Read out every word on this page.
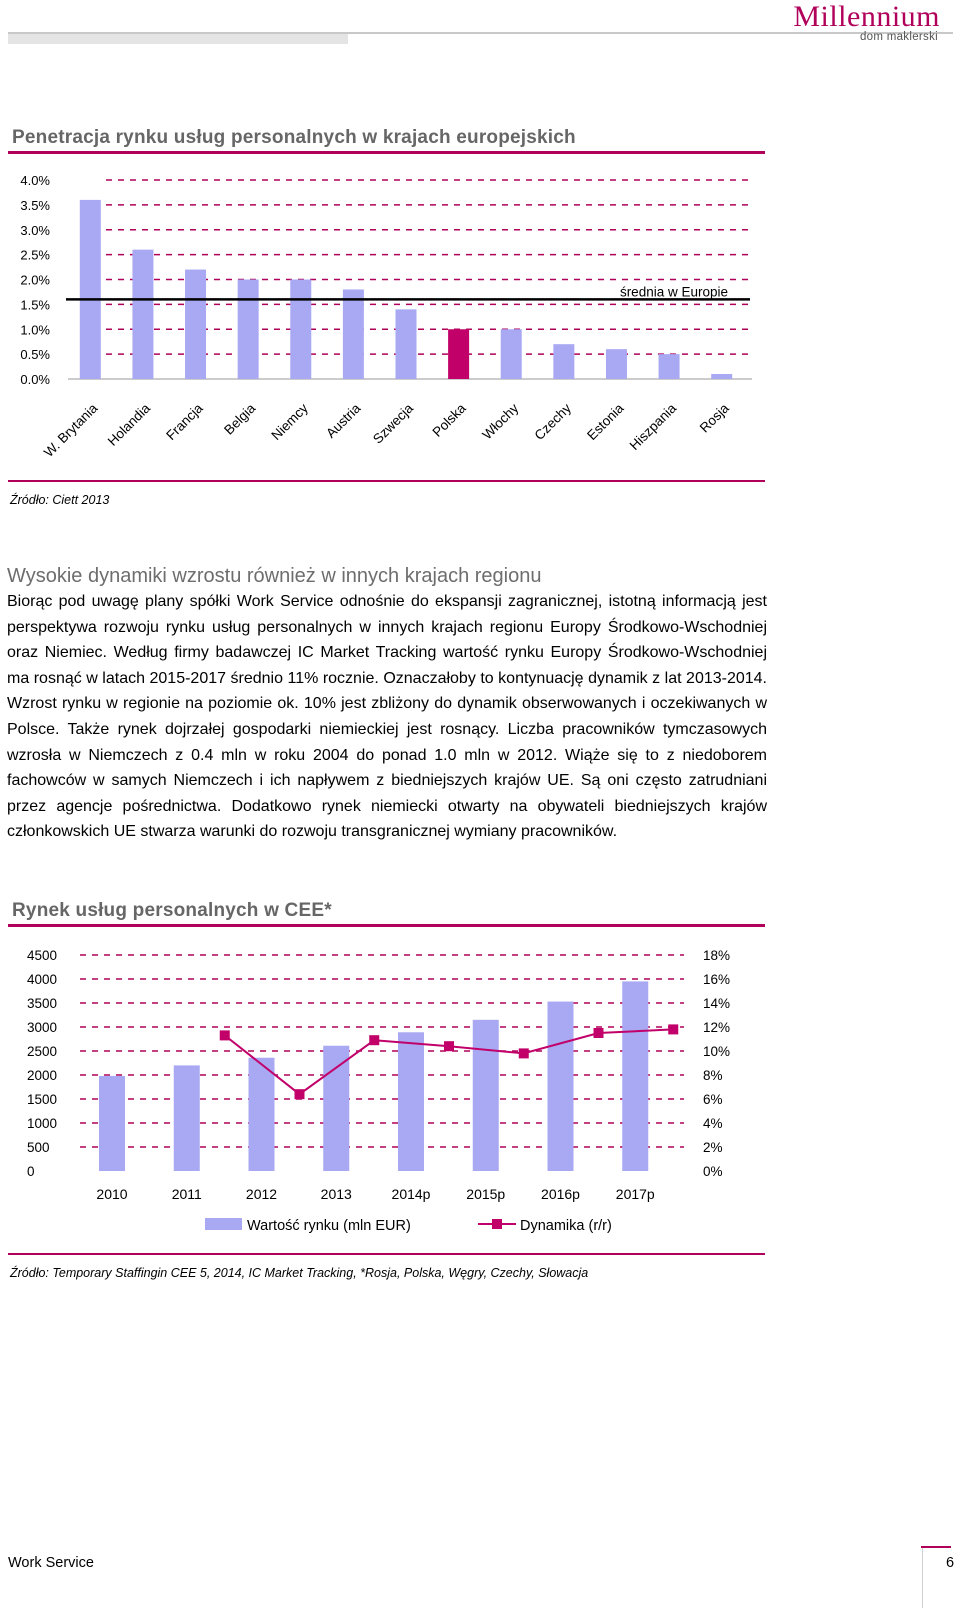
Millennium
dom maklerski
Penetracja rynku usług personalnych w krajach europejskich
0.0%
0.5%
1.0%
1.5%
2.0%
2.5%
3.0%
3.5%
4.0%
W. Brytania Holandia Francja Belgia Niemcy Austria Szwecja Polska Włochy Czechy Estonia Hiszpania Rosja
średnia w Europie
Źródło: Ciett 2013
Wysokie dynamiki wzrostu również w innych krajach regionu
Biorąc pod uwagę plany spółki Work Service odnośnie do ekspansji zagranicznej, istotną informacją jest perspektywa rozwoju rynku usług personalnych w innych krajach regionu Europy Środkowo-Wschodniej oraz Niemiec. Według firmy badawczej IC Market Tracking wartość rynku Europy Środkowo-Wschodniej ma rosnąć w latach 2015-2017 średnio 11% rocznie. Oznaczałoby to kontynuację dynamik z lat 2013-2014. Wzrost rynku w regionie na poziomie ok. 10% jest zbliżony do dynamik obserwowanych i oczekiwanych w Polsce. Także rynek dojrzałej gospodarki niemieckiej jest rosnący. Liczba pracowników tymczasowych wzrosła w Niemczech z 0.4 mln w roku 2004 do ponad 1.0 mln w 2012. Wiąże się to z niedoborem fachowców w samych Niemczech i ich napływem z biedniejszych krajów UE. Są oni często zatrudniani przez agencje pośrednictwa. Dodatkowo rynek niemiecki otwarty na obywateli biedniejszych krajów członkowskich UE stwarza warunki do rozwoju transgranicznej wymiany pracowników.
Rynek usług personalnych w CEE*
0	0%
500	2%
1000	4%
1500	6%
2000	8%
2500	10%
3000	12%
3500	14%
4000	16%
4500	18%
2010	2011	2012	2013	2014p	2015p	2016p	2017p
Wartość rynku (mln EUR)	Dynamika (r/r)
Źródło: Temporary Staffingin CEE 5, 2014, IC Market Tracking, *Rosja, Polska, Węgry, Czechy, Słowacja
Work Service	6
